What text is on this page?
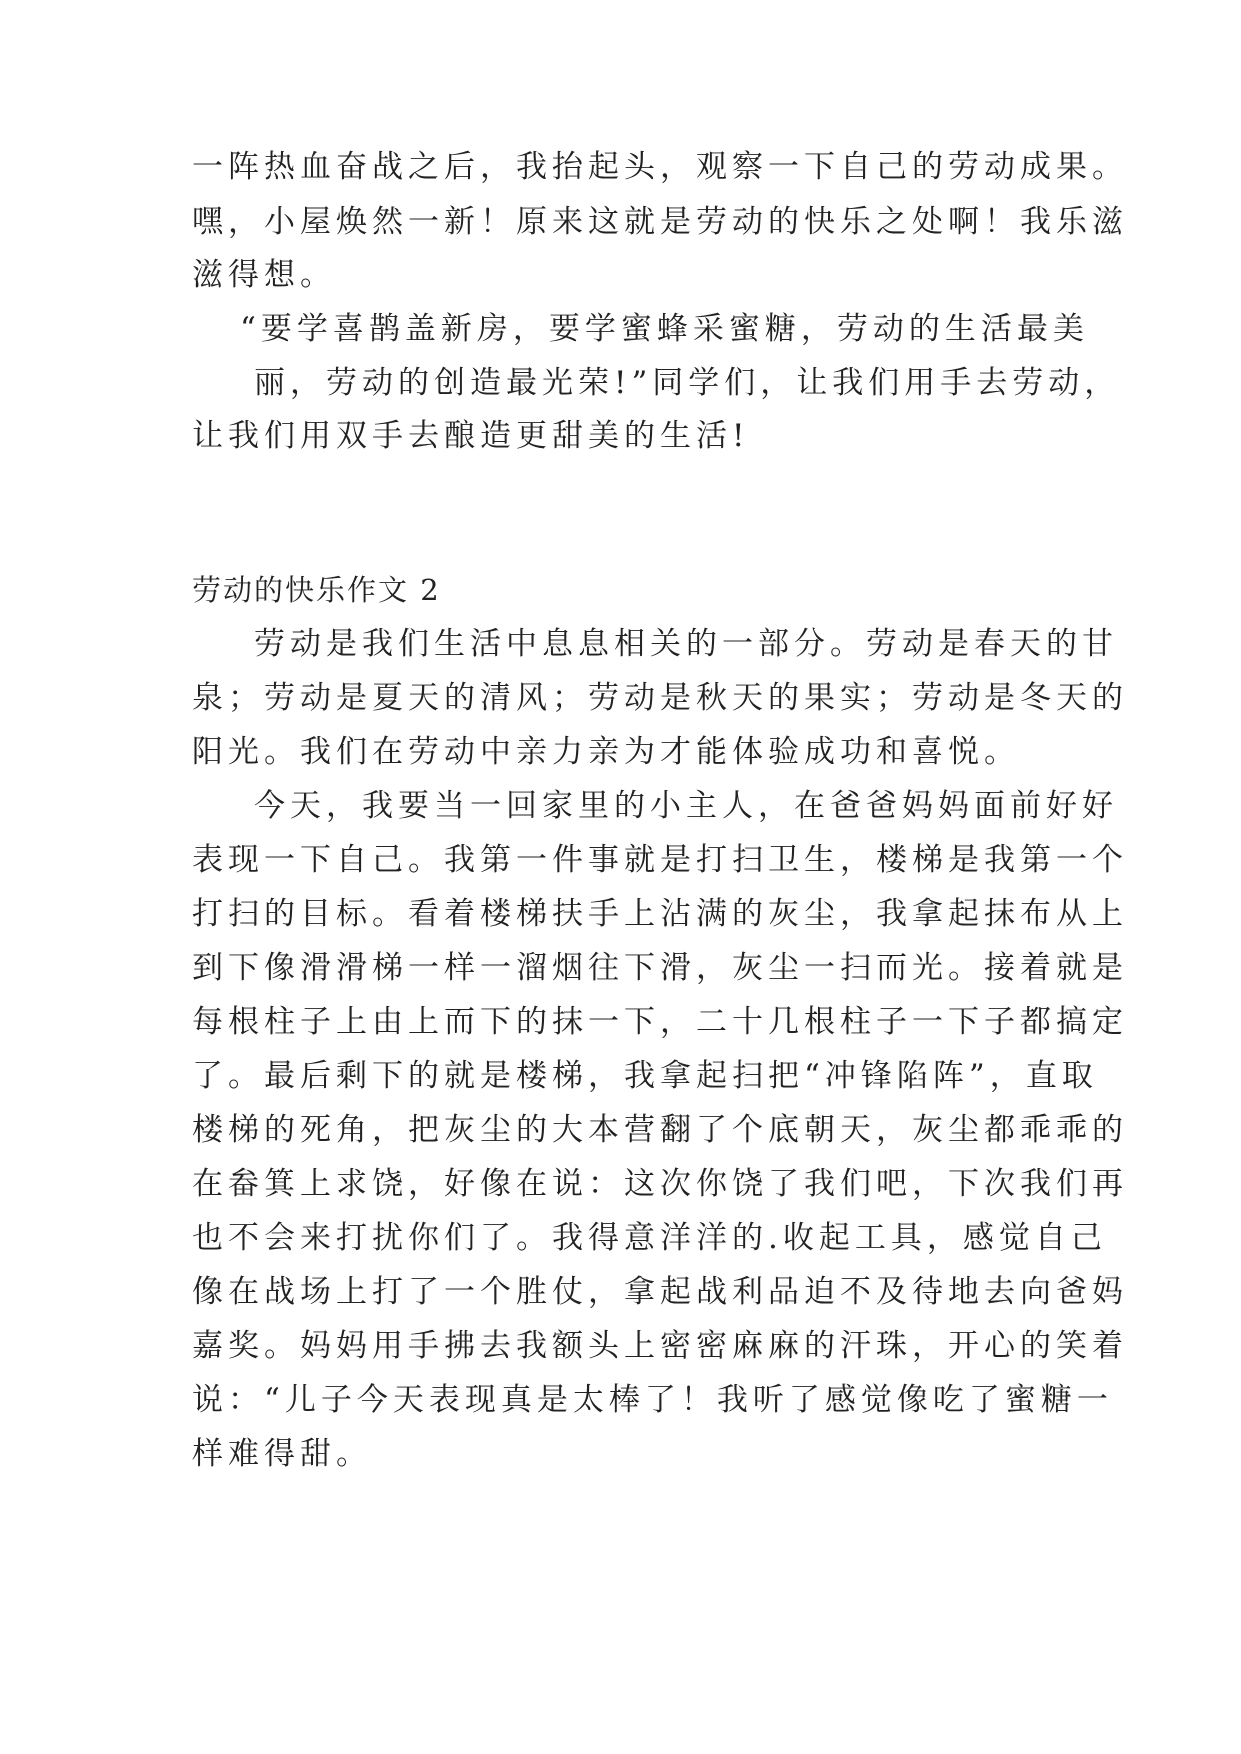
一阵热血奋战之后，我抬起头，观察一下自己的劳动成果。
嘿，小屋焕然一新！原来这就是劳动的快乐之处啊！我乐滋
滋得想。
“要学喜鹊盖新房，要学蜜蜂采蜜糖，劳动的生活最美
丽，劳动的创造最光荣!”同学们，让我们用手去劳动，
让我们用双手去酿造更甜美的生活!
劳动的快乐作文 2
劳动是我们生活中息息相关的一部分。劳动是春天的甘
泉；劳动是夏天的清风；劳动是秋天的果实；劳动是冬天的
阳光。我们在劳动中亲力亲为才能体验成功和喜悦。
今天，我要当一回家里的小主人，在爸爸妈妈面前好好
表现一下自己。我第一件事就是打扫卫生，楼梯是我第一个
打扫的目标。看着楼梯扶手上沾满的灰尘，我拿起抹布从上
到下像滑滑梯一样一溜烟往下滑，灰尘一扫而光。接着就是
每根柱子上由上而下的抹一下，二十几根柱子一下子都搞定
了。最后剩下的就是楼梯，我拿起扫把“冲锋陷阵”，直取
楼梯的死角，把灰尘的大本营翻了个底朝天，灰尘都乖乖的
在畚箕上求饶，好像在说：这次你饶了我们吧，下次我们再
也不会来打扰你们了。我得意洋洋的.收起工具，感觉自己
像在战场上打了一个胜仗，拿起战利品迫不及待地去向爸妈
嘉奖。妈妈用手拂去我额头上密密麻麻的汗珠，开心的笑着
说：“儿子今天表现真是太棒了！我听了感觉像吃了蜜糖一
样难得甜。
